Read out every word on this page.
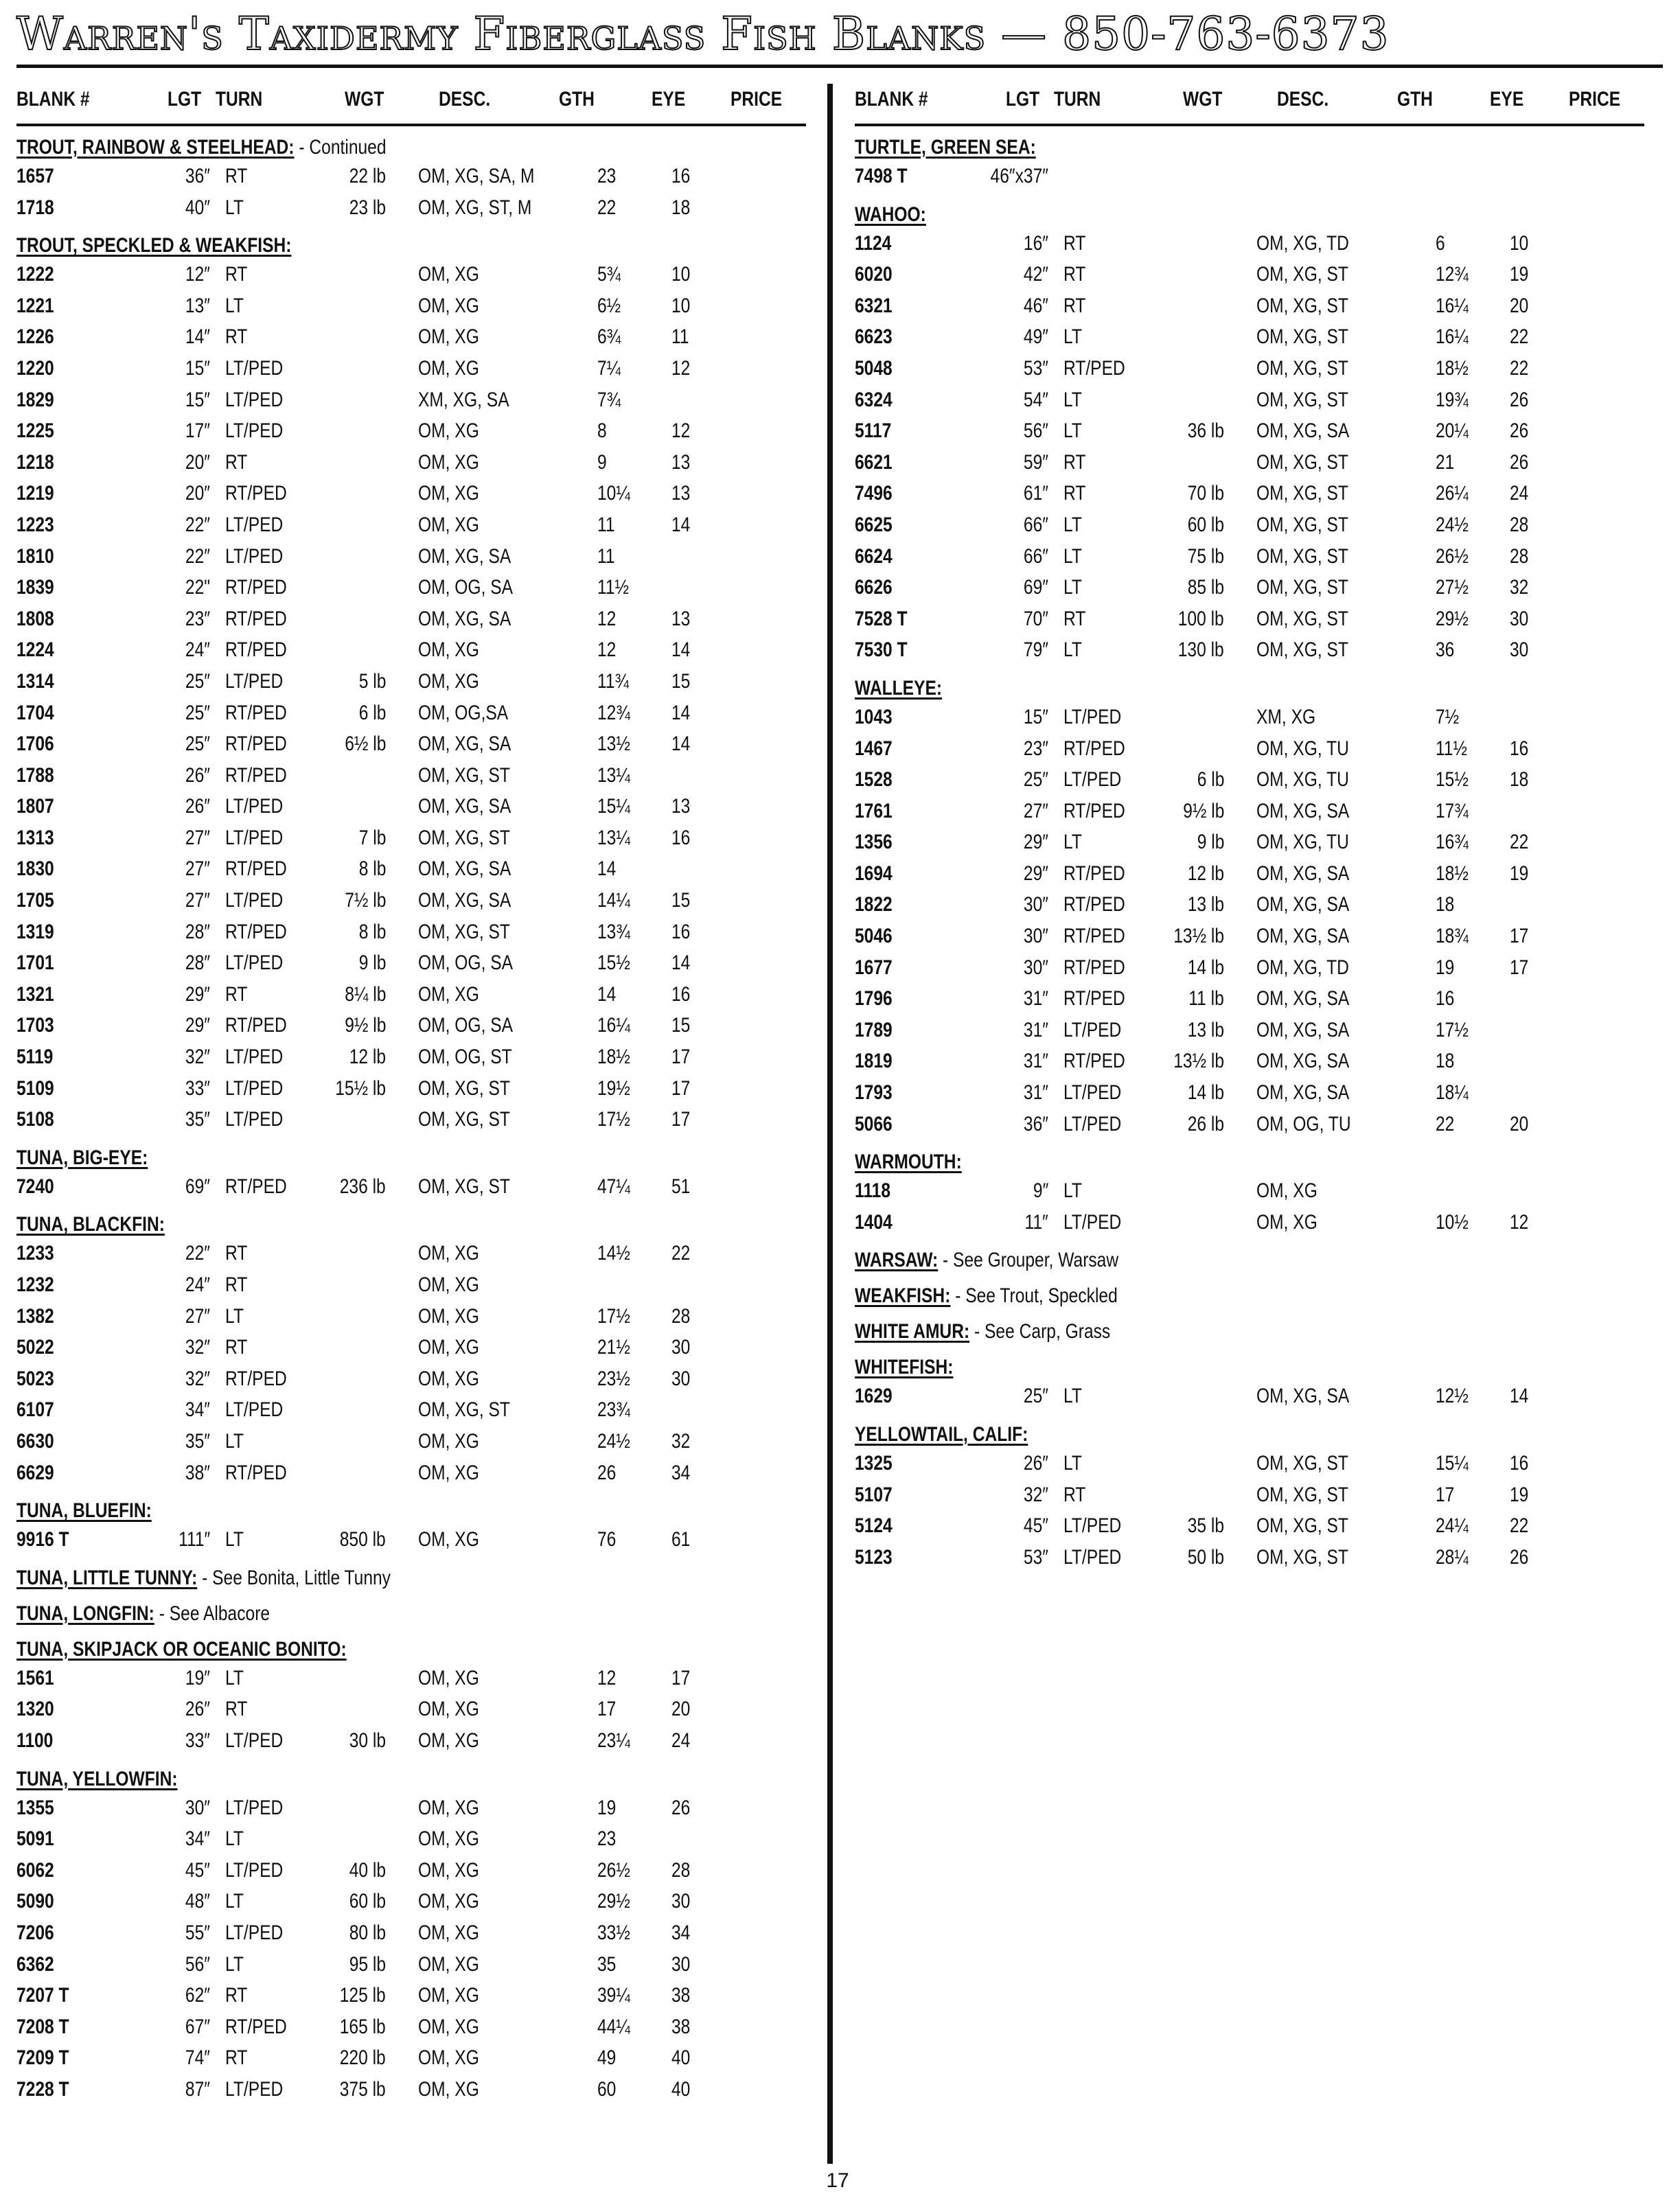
Warren's Taxidermy Fiberglass Fish Blanks — 850-763-6373
BLANK #	LGT TURN	WGT	DESC.	GTH	EYE PRICE
TROUT, RAINBOW & STEELHEAD: - Continued
1657	36″ RT	22 lb OM, XG, SA, M	23	16
1718	40″ LT	23 lb OM, XG, ST, M	22	18
TROUT, SPECKLED & WEAKFISH:
1222	12″ RT	OM, XG	5¾ 10
1221	13″ LT	OM, XG	6½ 10
1226	14″ RT	OM, XG	6¾ 11
1220	15″ LT/PED	OM, XG	7¼ 12
1829	15″ LT/PED	XM, XG, SA	7¾
1225	17″ LT/PED	OM, XG	8	12
1218	20″ RT	OM, XG	9	13
1219	20″ RT/PED	OM, XG	10¼ 13
1223	22″ LT/PED	OM, XG	11	14
1810	22″ LT/PED	OM, XG, SA	11
1839	22" RT/PED	OM, OG, SA	11½
1808	23″ RT/PED	OM, XG, SA	12	13
1224	24″ RT/PED	OM, XG	12	14
1314	25″ LT/PED	5 lb OM, XG	11¾ 15
1704	25″ RT/PED	6 lb OM, OG,SA	12¾ 14
1706	25″ RT/PED	6½ lb OM, XG, SA	13½ 14
1788	26″ RT/PED	OM, XG, ST	13¼
1807	26″ LT/PED	OM, XG, SA	15¼ 13
1313	27″ LT/PED	7 lb OM, XG, ST	13¼ 16
1830	27″ RT/PED	8 lb OM, XG, SA	14
1705	27″ LT/PED	7½ lb OM, XG, SA	14¼ 15
1319	28″ RT/PED	8 lb OM, XG, ST	13¾ 16
1701	28″ LT/PED	9 lb OM, OG, SA	15½ 14
1321	29″ RT	8¼ lb OM, XG	14	16
1703	29″ RT/PED	9½ lb OM, OG, SA	16¼ 15
5119	32″ LT/PED	12 lb OM, OG, ST	18½ 17
5109	33″ LT/PED	15½ lb OM, XG, ST	19½ 17
5108	35″ LT/PED	OM, XG, ST	17½ 17
TUNA, BIG-EYE:
7240	69″ RT/PED	236 lb OM, XG, ST	47¼ 51
TUNA, BLACKFIN:
1233	22″ RT	OM, XG	14½ 22
1232	24″ RT	OM, XG
1382	27″ LT	OM, XG	17½ 28
5022	32″ RT	OM, XG	21½ 30
5023	32″ RT/PED	OM, XG	23½ 30
6107	34″ LT/PED	OM, XG, ST	23¾
6630	35″ LT	OM, XG	24½ 32
6629	38″ RT/PED	OM, XG	26	34
TUNA, BLUEFIN:
9916 T	111″ LT	850 lb OM, XG	76	61
TUNA, LITTLE TUNNY: - See Bonita, Little Tunny
TUNA, LONGFIN: - See Albacore
TUNA, SKIPJACK OR OCEANIC BONITO:
1561	19″ LT	OM, XG	12	17
1320	26″ RT	OM, XG	17	20
1100	33″ LT/PED	30 lb OM, XG	23¼ 24
TUNA, YELLOWFIN:
1355	30″ LT/PED	OM, XG	19	26
5091	34″ LT	OM, XG	23
6062	45″ LT/PED	40 lb OM, XG	26½ 28
5090	48″ LT	60 lb OM, XG	29½ 30
7206	55″ LT/PED	80 lb OM, XG	33½ 34
6362	56″ LT	95 lb OM, XG	35	30
7207 T	62″ RT	125 lb OM, XG	39¼ 38
7208 T	67″ RT/PED	165 lb OM, XG	44¼ 38
7209 T	74″ RT	220 lb OM, XG	49	40
7228 T	87″ LT/PED	375 lb OM, XG	60	40
BLANK #	LGT TURN	WGT	DESC.	GTH	EYE PRICE
TURTLE, GREEN SEA:
7498 T	46″x37″
WAHOO:
1124	16″ RT	OM, XG, TD	6	10
6020	42″ RT	OM, XG, ST	12¾ 19
6321	46″ RT	OM, XG, ST	16¼ 20
6623	49″ LT	OM, XG, ST	16¼ 22
5048	53″ RT/PED	OM, XG, ST	18½ 22
6324	54″ LT	OM, XG, ST	19¾ 26
5117	56″ LT	36 lb OM, XG, SA	20¼ 26
6621	59″ RT	OM, XG, ST	21	26
7496	61″ RT	70 lb OM, XG, ST	26¼ 24
6625	66″ LT	60 lb OM, XG, ST	24½ 28
6624	66″ LT	75 lb OM, XG, ST	26½ 28
6626	69″ LT	85 lb OM, XG, ST	27½ 32
7528 T	70″ RT	100 lb OM, XG, ST	29½ 30
7530 T	79″ LT	130 lb OM, XG, ST	36	30
WALLEYE:
1043	15″ LT/PED	XM, XG	7½
1467	23″ RT/PED	OM, XG, TU	11½ 16
1528	25″ LT/PED	6 lb OM, XG, TU	15½ 18
1761	27″ RT/PED	9½ lb OM, XG, SA	17¾
1356	29″ LT	9 lb OM, XG, TU	16¾ 22
1694	29″ RT/PED	12 lb OM, XG, SA	18½ 19
1822	30″ RT/PED	13 lb OM, XG, SA	18
5046	30″ RT/PED 13½ lb OM, XG, SA	18¾ 17
1677	30″ RT/PED	14 lb OM, XG, TD	19	17
1796	31″ RT/PED	11 lb OM, XG, SA	16
1789	31″ LT/PED	13 lb OM, XG, SA	17½
1819	31″ RT/PED 13½ lb OM, XG, SA	18
1793	31″ LT/PED	14 lb OM, XG, SA	18¼
5066	36″ LT/PED	26 lb OM, OG, TU	22	20
WARMOUTH:
1118	9″ LT	OM, XG
1404	11″ LT/PED	OM, XG	10½ 12
WARSAW: - See Grouper, Warsaw
WEAKFISH: - See Trout, Speckled
WHITE AMUR: - See Carp, Grass
WHITEFISH:
1629	25″ LT	OM, XG, SA	12½ 14
YELLOWTAIL, CALIF:
1325	26″ LT	OM, XG, ST	15¼ 16
5107	32″ RT	OM, XG, ST	17	19
5124	45″ LT/PED	35 lb OM, XG, ST	24¼ 22
5123	53″ LT/PED	50 lb OM, XG, ST	28¼ 26
17
